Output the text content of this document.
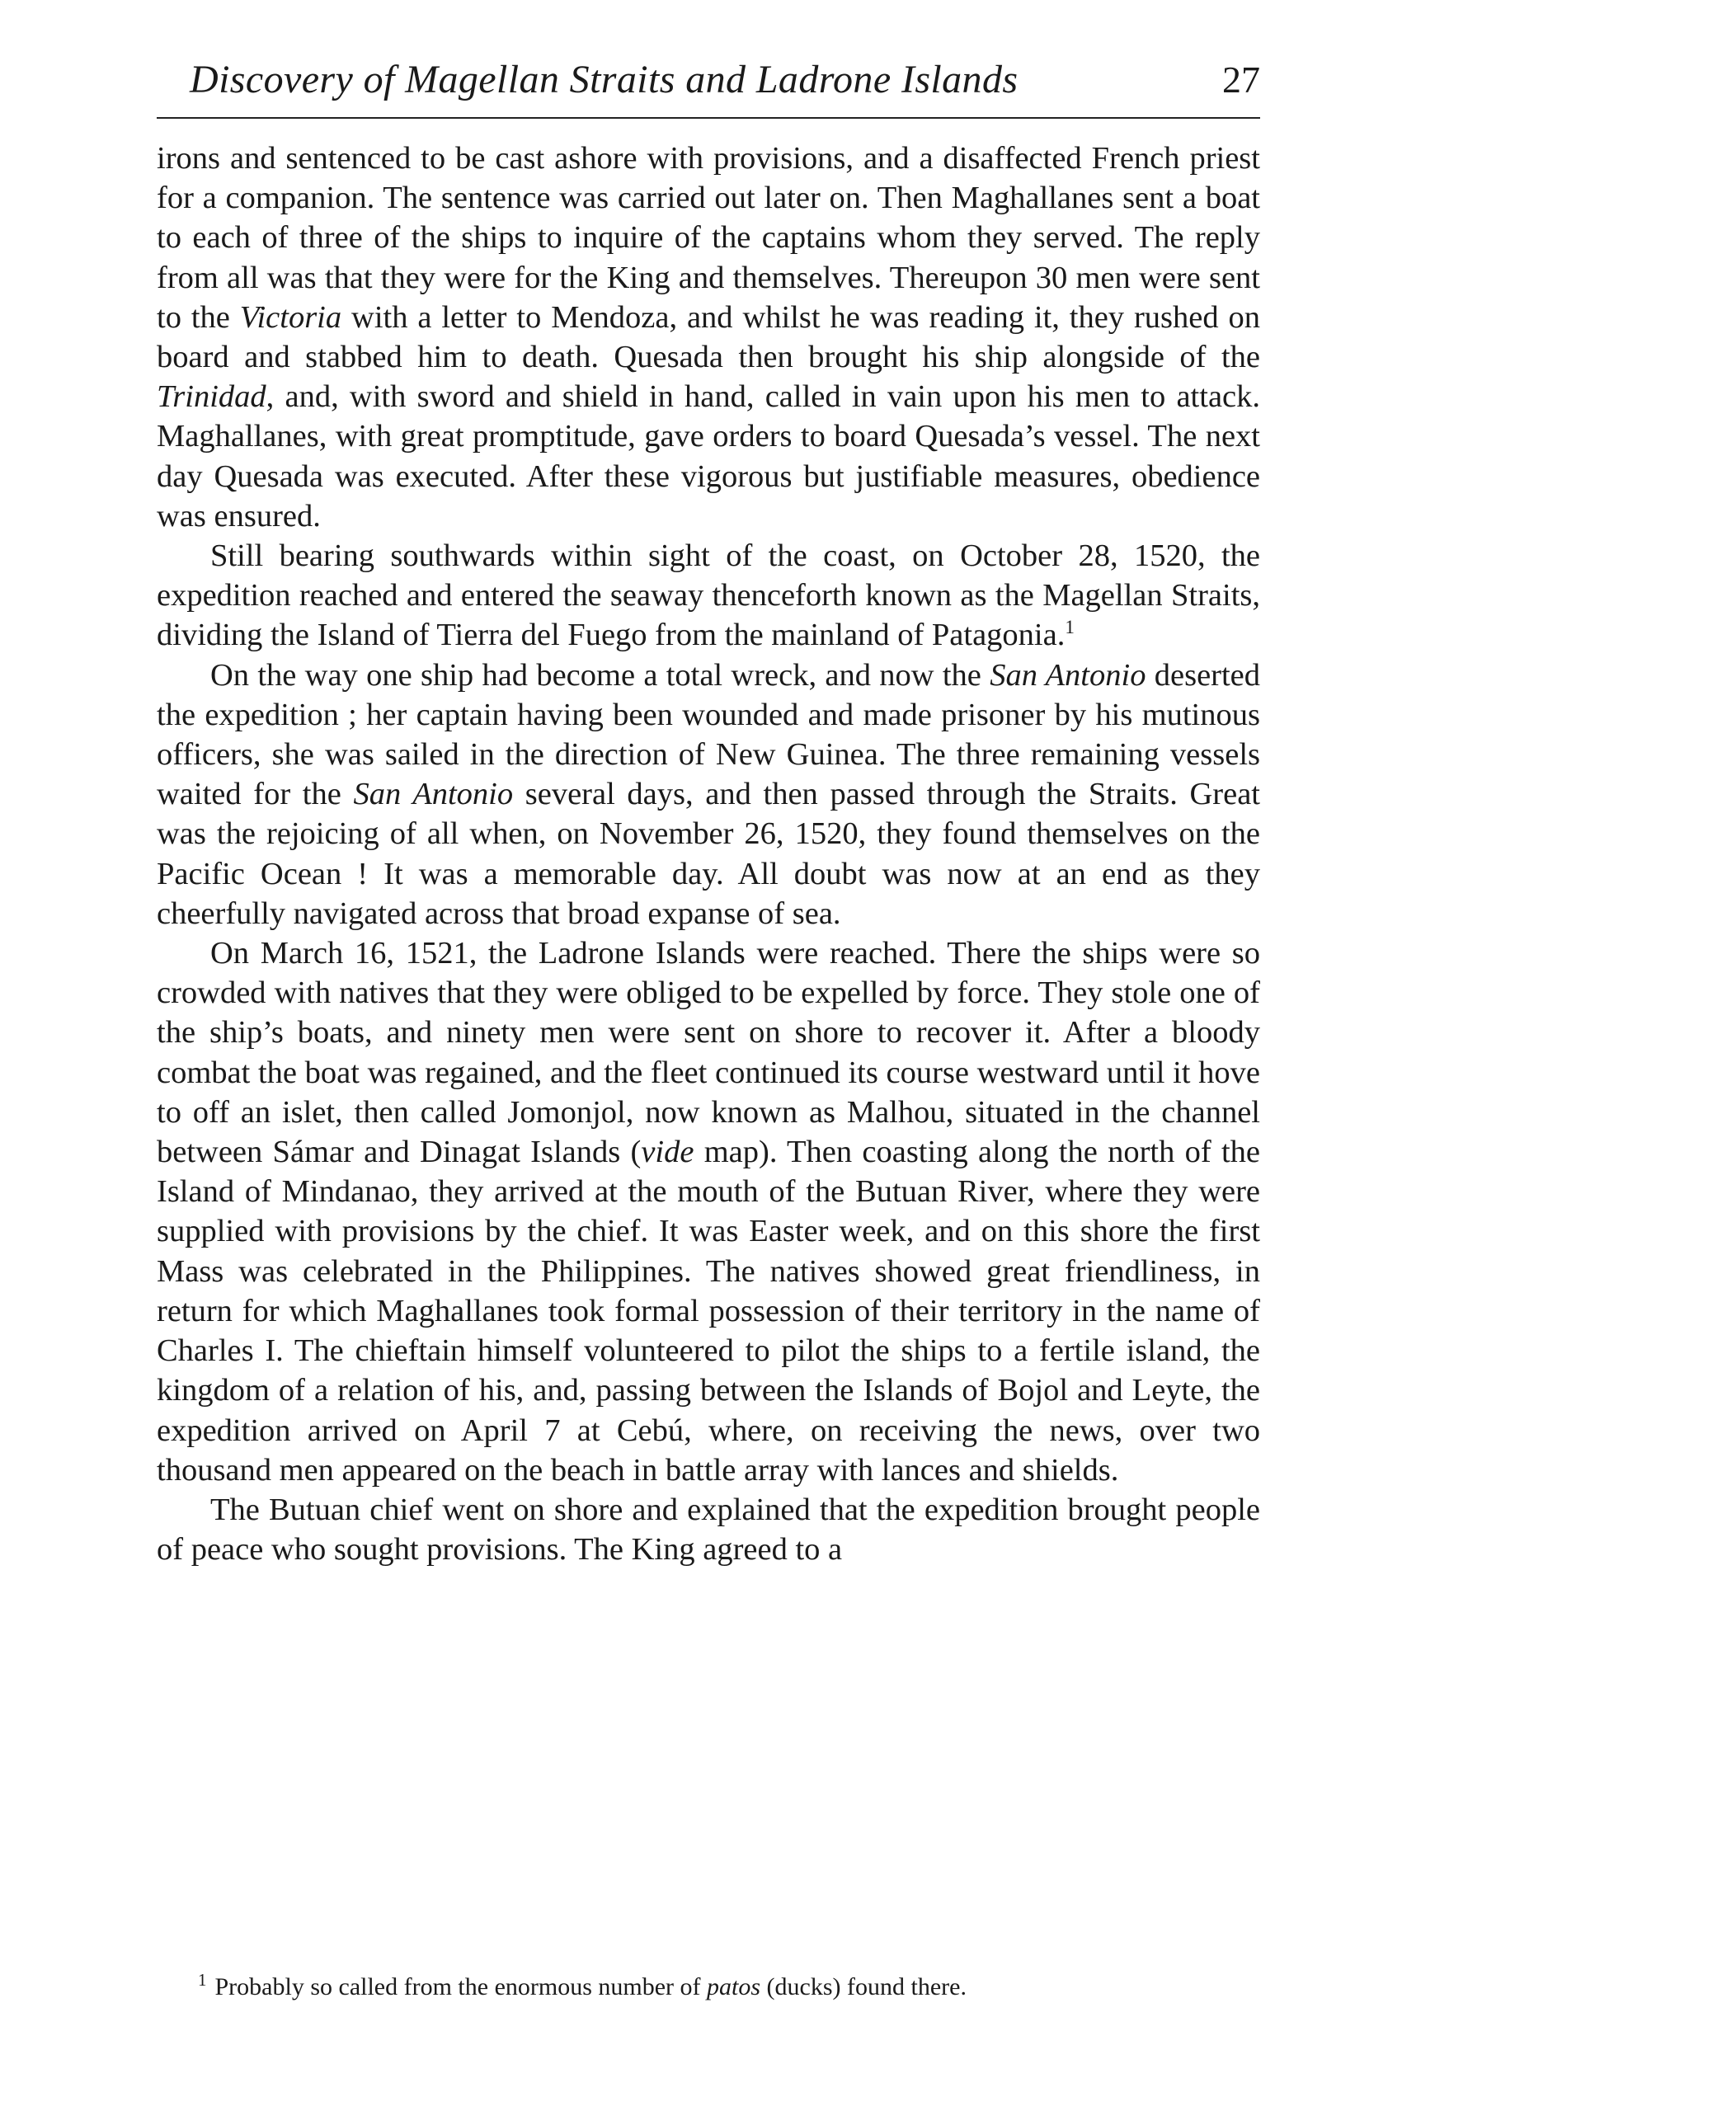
Discovery of Magellan Straits and Ladrone Islands	27

irons and sentenced to be cast ashore with provisions, and a disaffected French priest for a companion. The sentence was carried out later on. Then Maghallanes sent a boat to each of three of the ships to inquire of the captains whom they served. The reply from all was that they were for the King and themselves. Thereupon 30 men were sent to the Victoria with a letter to Mendoza, and whilst he was reading it, they rushed on board and stabbed him to death. Quesada then brought his ship alongside of the Trinidad, and, with sword and shield in hand, called in vain upon his men to attack. Maghallanes, with great promptitude, gave orders to board Quesada’s vessel. The next day Quesada was executed. After these vigorous but justifiable measures, obedience was ensured.

Still bearing southwards within sight of the coast, on October 28, 1520, the expedition reached and entered the seaway thenceforth known as the Magellan Straits, dividing the Island of Tierra del Fuego from the mainland of Patagonia.$^1$

On the way one ship had become a total wreck, and now the San Antonio deserted the expedition ; her captain having been wounded and made prisoner by his mutinous officers, she was sailed in the direction of New Guinea. The three remaining vessels waited for the San Antonio several days, and then passed through the Straits. Great was the rejoicing of all when, on November 26, 1520, they found themselves on the Pacific Ocean ! It was a memorable day. All doubt was now at an end as they cheerfully navigated across that broad expanse of sea.

On March 16, 1521, the Ladrone Islands were reached. There the ships were so crowded with natives that they were obliged to be expelled by force. They stole one of the ship’s boats, and ninety men were sent on shore to recover it. After a bloody combat the boat was regained, and the fleet continued its course westward until it hove to off an islet, then called Jomonjol, now known as Malhou, situated in the channel between Sámar and Dinagat Islands (vide map). Then coasting along the north of the Island of Mindanao, they arrived at the mouth of the Butuan River, where they were supplied with provisions by the chief. It was Easter week, and on this shore the first Mass was celebrated in the Philippines. The natives showed great friendliness, in return for which Maghallanes took formal possession of their territory in the name of Charles I. The chieftain himself volunteered to pilot the ships to a fertile island, the kingdom of a relation of his, and, passing between the Islands of Bojol and Leyte, the expedition arrived on April 7 at Cebú, where, on receiving the news, over two thousand men appeared on the beach in battle array with lances and shields.

The Butuan chief went on shore and explained that the expedition brought people of peace who sought provisions. The King agreed to a

$^1$ Probably so called from the enormous number of patos (ducks) found there.
